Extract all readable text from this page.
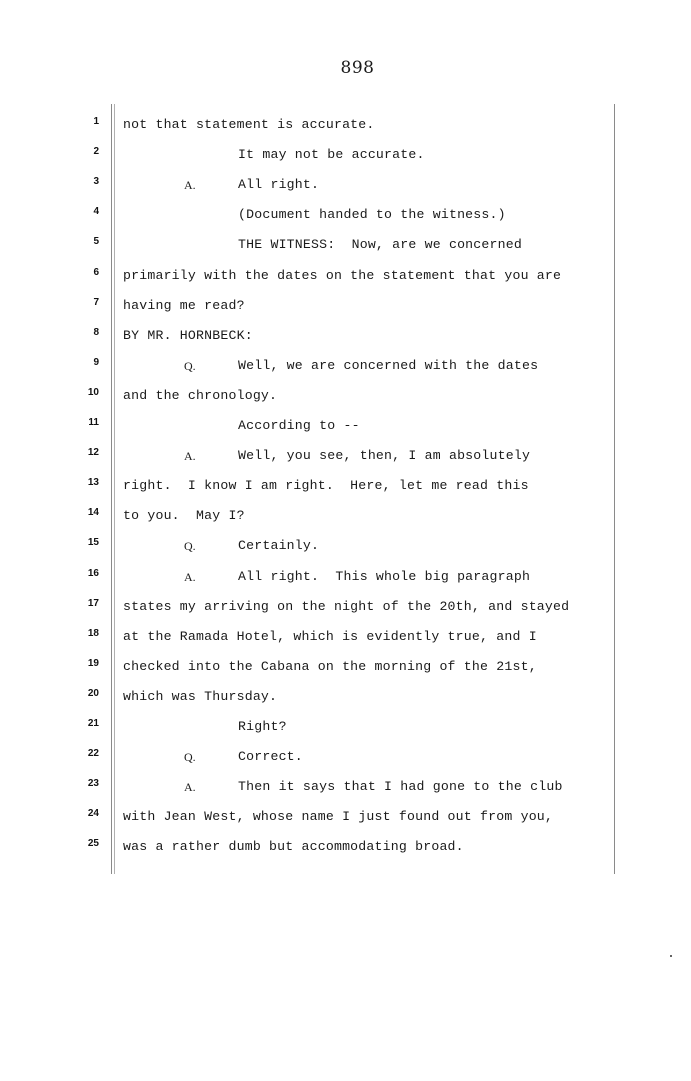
898
1 not that statement is accurate.
2	It may not be accurate.
3	A.	All right.
4	(Document handed to the witness.)
5	THE WITNESS:  Now, are we concerned
6 primarily with the dates on the statement that you are
7 having me read?
8 BY MR. HORNBECK:
9	Q.	Well, we are concerned with the dates
10 and the chronology.
11	According to --
12	A.	Well, you see, then, I am absolutely
13 right.  I know I am right.  Here, let me read this
14 to you.  May I?
15	Q.	Certainly.
16	A.	All right.  This whole big paragraph
17 states my arriving on the night of the 20th, and stayed
18 at the Ramada Hotel, which is evidently true, and I
19 checked into the Cabana on the morning of the 21st,
20 which was Thursday.
21	Right?
22	Q.	Correct.
23	A.	Then it says that I had gone to the club
24 with Jean West, whose name I just found out from you,
25 was a rather dumb but accommodating broad.
